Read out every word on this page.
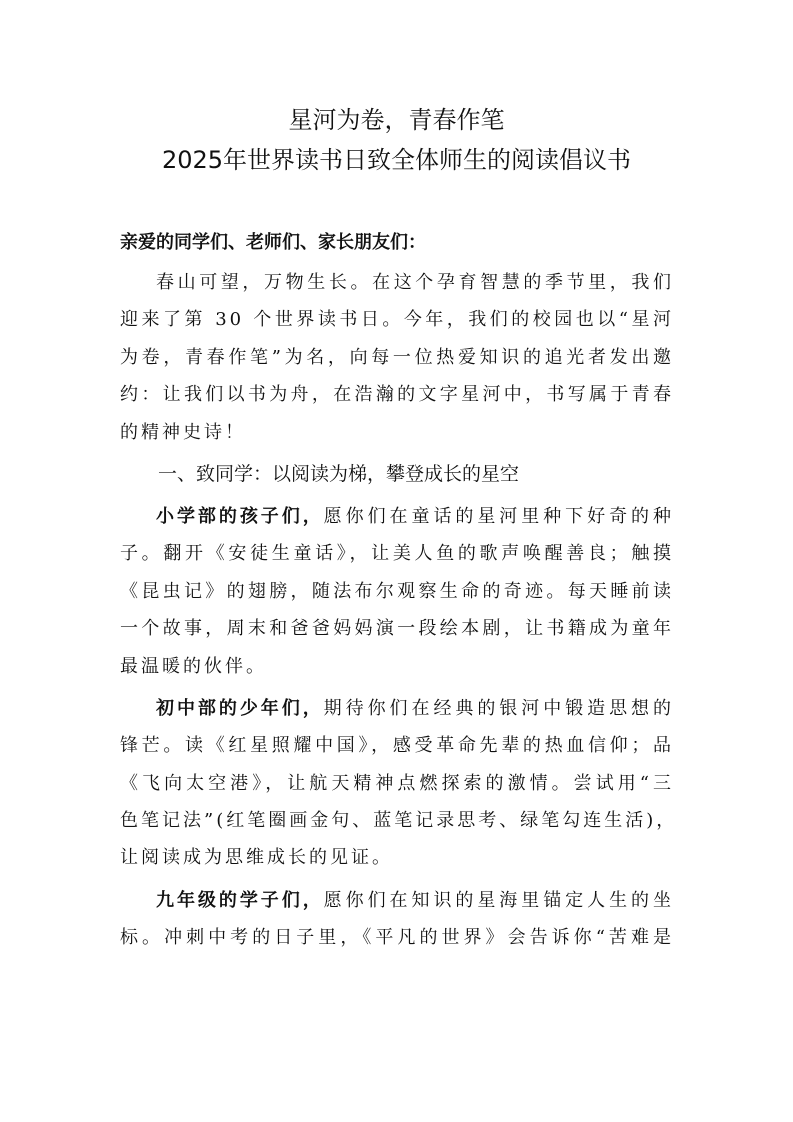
星河为卷，青春作笔
2025年世界读书日致全体师生的阅读倡议书
亲爱的同学们、老师们、家长朋友们：
春山可望，万物生长。在这个孕育智慧的季节里，我们
迎来了第 30 个世界读书日。今年，我们的校园也以“星河
为卷，青春作笔”为名，向每一位热爱知识的追光者发出邀
约：让我们以书为舟，在浩瀚的文字星河中，书写属于青春
的精神史诗！
一、致同学：以阅读为梯，攀登成长的星空
小学部的孩子们，愿你们在童话的星河里种下好奇的种
子。翻开《安徒生童话》，让美人鱼的歌声唤醒善良；触摸
《昆虫记》的翅膀，随法布尔观察生命的奇迹。每天睡前读
一个故事，周末和爸爸妈妈演一段绘本剧，让书籍成为童年
最温暖的伙伴。
初中部的少年们，期待你们在经典的银河中锻造思想的
锋芒。读《红星照耀中国》，感受革命先辈的热血信仰；品
《飞向太空港》，让航天精神点燃探索的激情。尝试用“三
色笔记法”(红笔圈画金句、蓝笔记录思考、绿笔勾连生活)，
让阅读成为思维成长的见证。
九年级的学子们，愿你们在知识的星海里锚定人生的坐
标。冲刺中考的日子里，《平凡的世界》会告诉你“苦难是
